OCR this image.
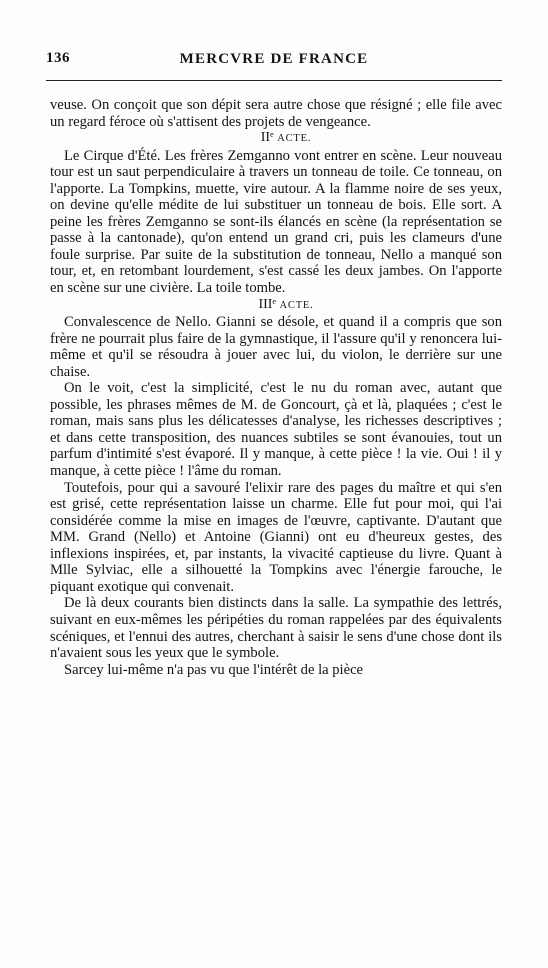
136	MERCVRE DE FRANCE

veuse. On conçoit que son dépit sera autre chose que résigné ; elle file avec un regard féroce où s'attisent des projets de vengeance.

IIᵉ ACTE.

Le Cirque d'Été. Les frères Zemganno vont entrer en scène. Leur nouveau tour est un saut perpendiculaire à travers un tonneau de toile. Ce tonneau, on l'apporte. La Tompkins, muette, vire autour. A la flamme noire de ses yeux, on devine qu'elle médite de lui substituer un tonneau de bois. Elle sort. A peine les frères Zemganno se sont-ils élancés en scène (la représentation se passe à la cantonade), qu'on entend un grand cri, puis les clameurs d'une foule surprise. Par suite de la substitution de tonneau, Nello a manqué son tour, et, en retombant lourdement, s'est cassé les deux jambes. On l'apporte en scène sur une civière. La toile tombe.

IIIᵉ ACTE.

Convalescence de Nello. Gianni se désole, et quand il a compris que son frère ne pourrait plus faire de la gymnastique, il l'assure qu'il y renoncera lui-même et qu'il se résoudra à jouer avec lui, du violon, le derrière sur une chaise.

On le voit, c'est la simplicité, c'est le nu du roman avec, autant que possible, les phrases mêmes de M. de Goncourt, çà et là, plaquées ; c'est le roman, mais sans plus les délicatesses d'analyse, les richesses descriptives ; et dans cette transposition, des nuances subtiles se sont évanouies, tout un parfum d'intimité s'est évaporé. Il y manque, à cette pièce ! la vie. Oui ! il y manque, à cette pièce ! l'âme du roman.

Toutefois, pour qui a savouré l'elixir rare des pages du maître et qui s'en est grisé, cette représentation laisse un charme. Elle fut pour moi, qui l'ai considérée comme la mise en images de l'œuvre, captivante. D'autant que MM. Grand (Nello) et Antoine (Gianni) ont eu d'heureux gestes, des inflexions inspirées, et, par instants, la vivacité captieuse du livre. Quant à Mlle Sylviac, elle a silhouetté la Tompkins avec l'énergie farouche, le piquant exotique qui convenait.

De là deux courants bien distincts dans la salle. La sympathie des lettrés, suivant en eux-mêmes les péripéties du roman rappelées par des équivalents scéniques, et l'ennui des autres, cherchant à saisir le sens d'une chose dont ils n'avaient sous les yeux que le symbole.

Sarcey lui-même n'a pas vu que l'intérêt de la pièce
